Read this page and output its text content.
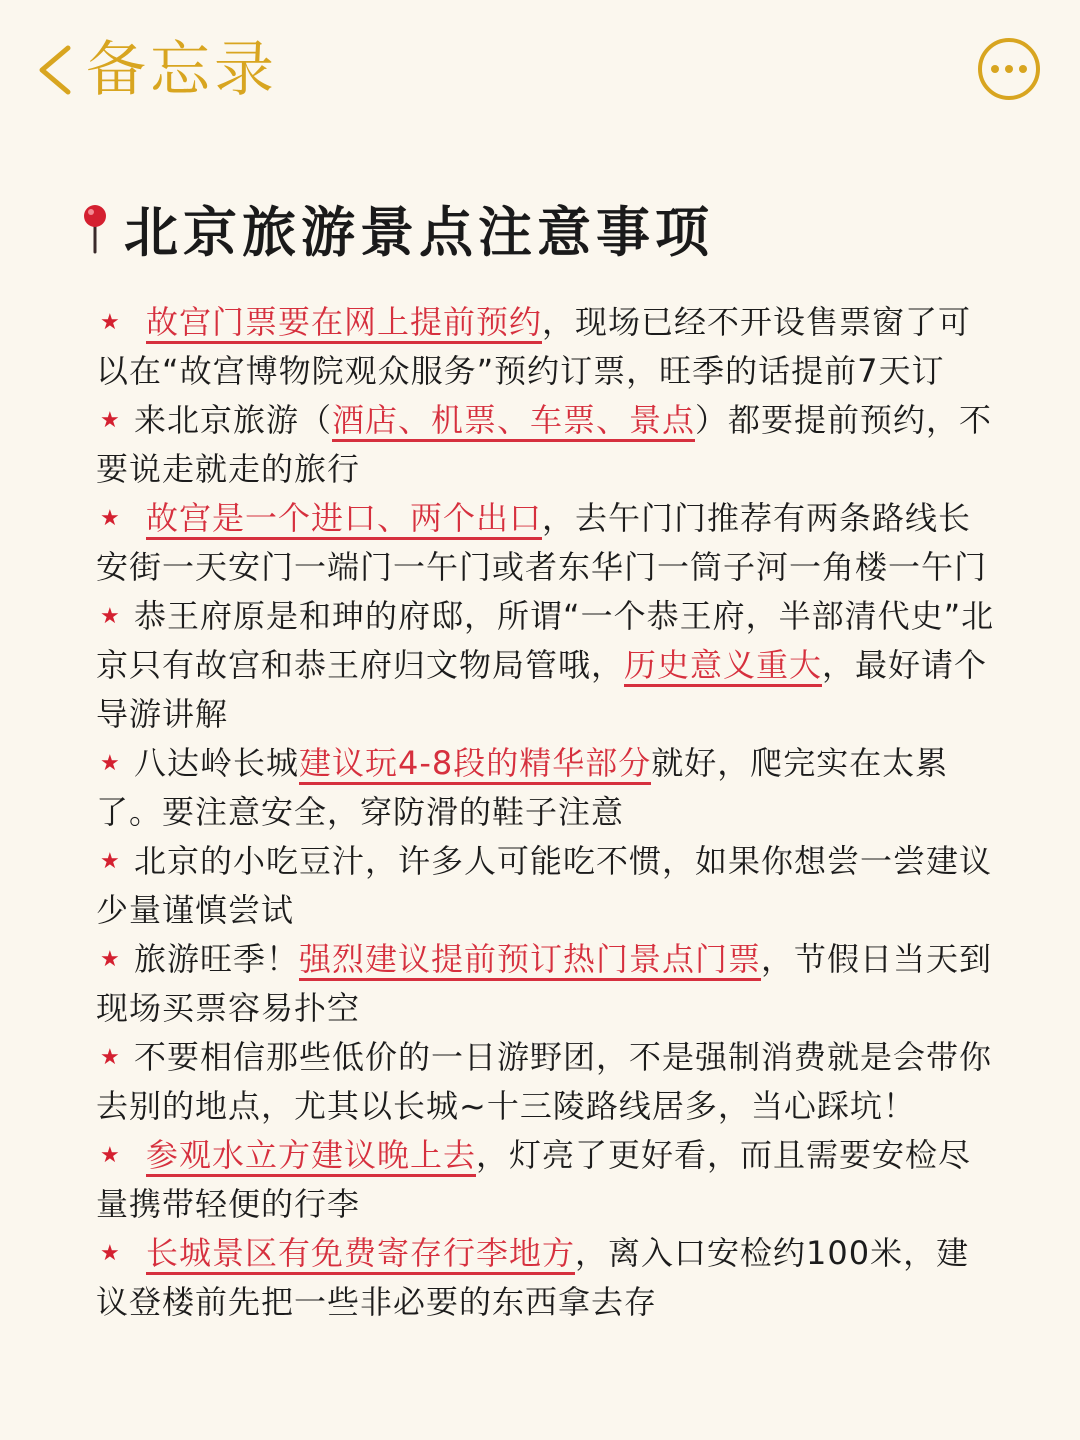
备忘录
北京旅游景点注意事项
★ 故宫门票要在网上提前预约，现场已经不开设售票窗了可以在“故宫博物院观众服务”预约订票，旺季的话提前7天订
★ 来北京旅游（酒店、机票、车票、景点）都要提前预约，不要说走就走的旅行
★ 故宫是一个进口、两个出口，去午门门推荐有两条路线长安街一天安门一端门一午门或者东华门一筒子河一角楼一午门
★ 恭王府原是和珅的府邸，所谓“一个恭王府，半部清代史”北京只有故宫和恭王府归文物局管哦，历史意义重大，最好请个导游讲解
★ 八达岭长城建议玩4-8段的精华部分就好，爬完实在太累了。要注意安全，穿防滑的鞋子注意
★ 北京的小吃豆汁，许多人可能吃不惯，如果你想尝一尝建议少量谨慎尝试
★ 旅游旺季！强烈建议提前预订热门景点门票，节假日当天到现场买票容易扑空
★ 不要相信那些低价的一日游野团，不是强制消费就是会带你去别的地点，尤其以长城~十三陵路线居多，当心踩坑！
★ 参观水立方建议晚上去，灯亮了更好看，而且需要安检尽量携带轻便的行李
★ 长城景区有免费寄存行李地方，离入口安检约100米，建议登楼前先把一些非必要的东西拿去存
